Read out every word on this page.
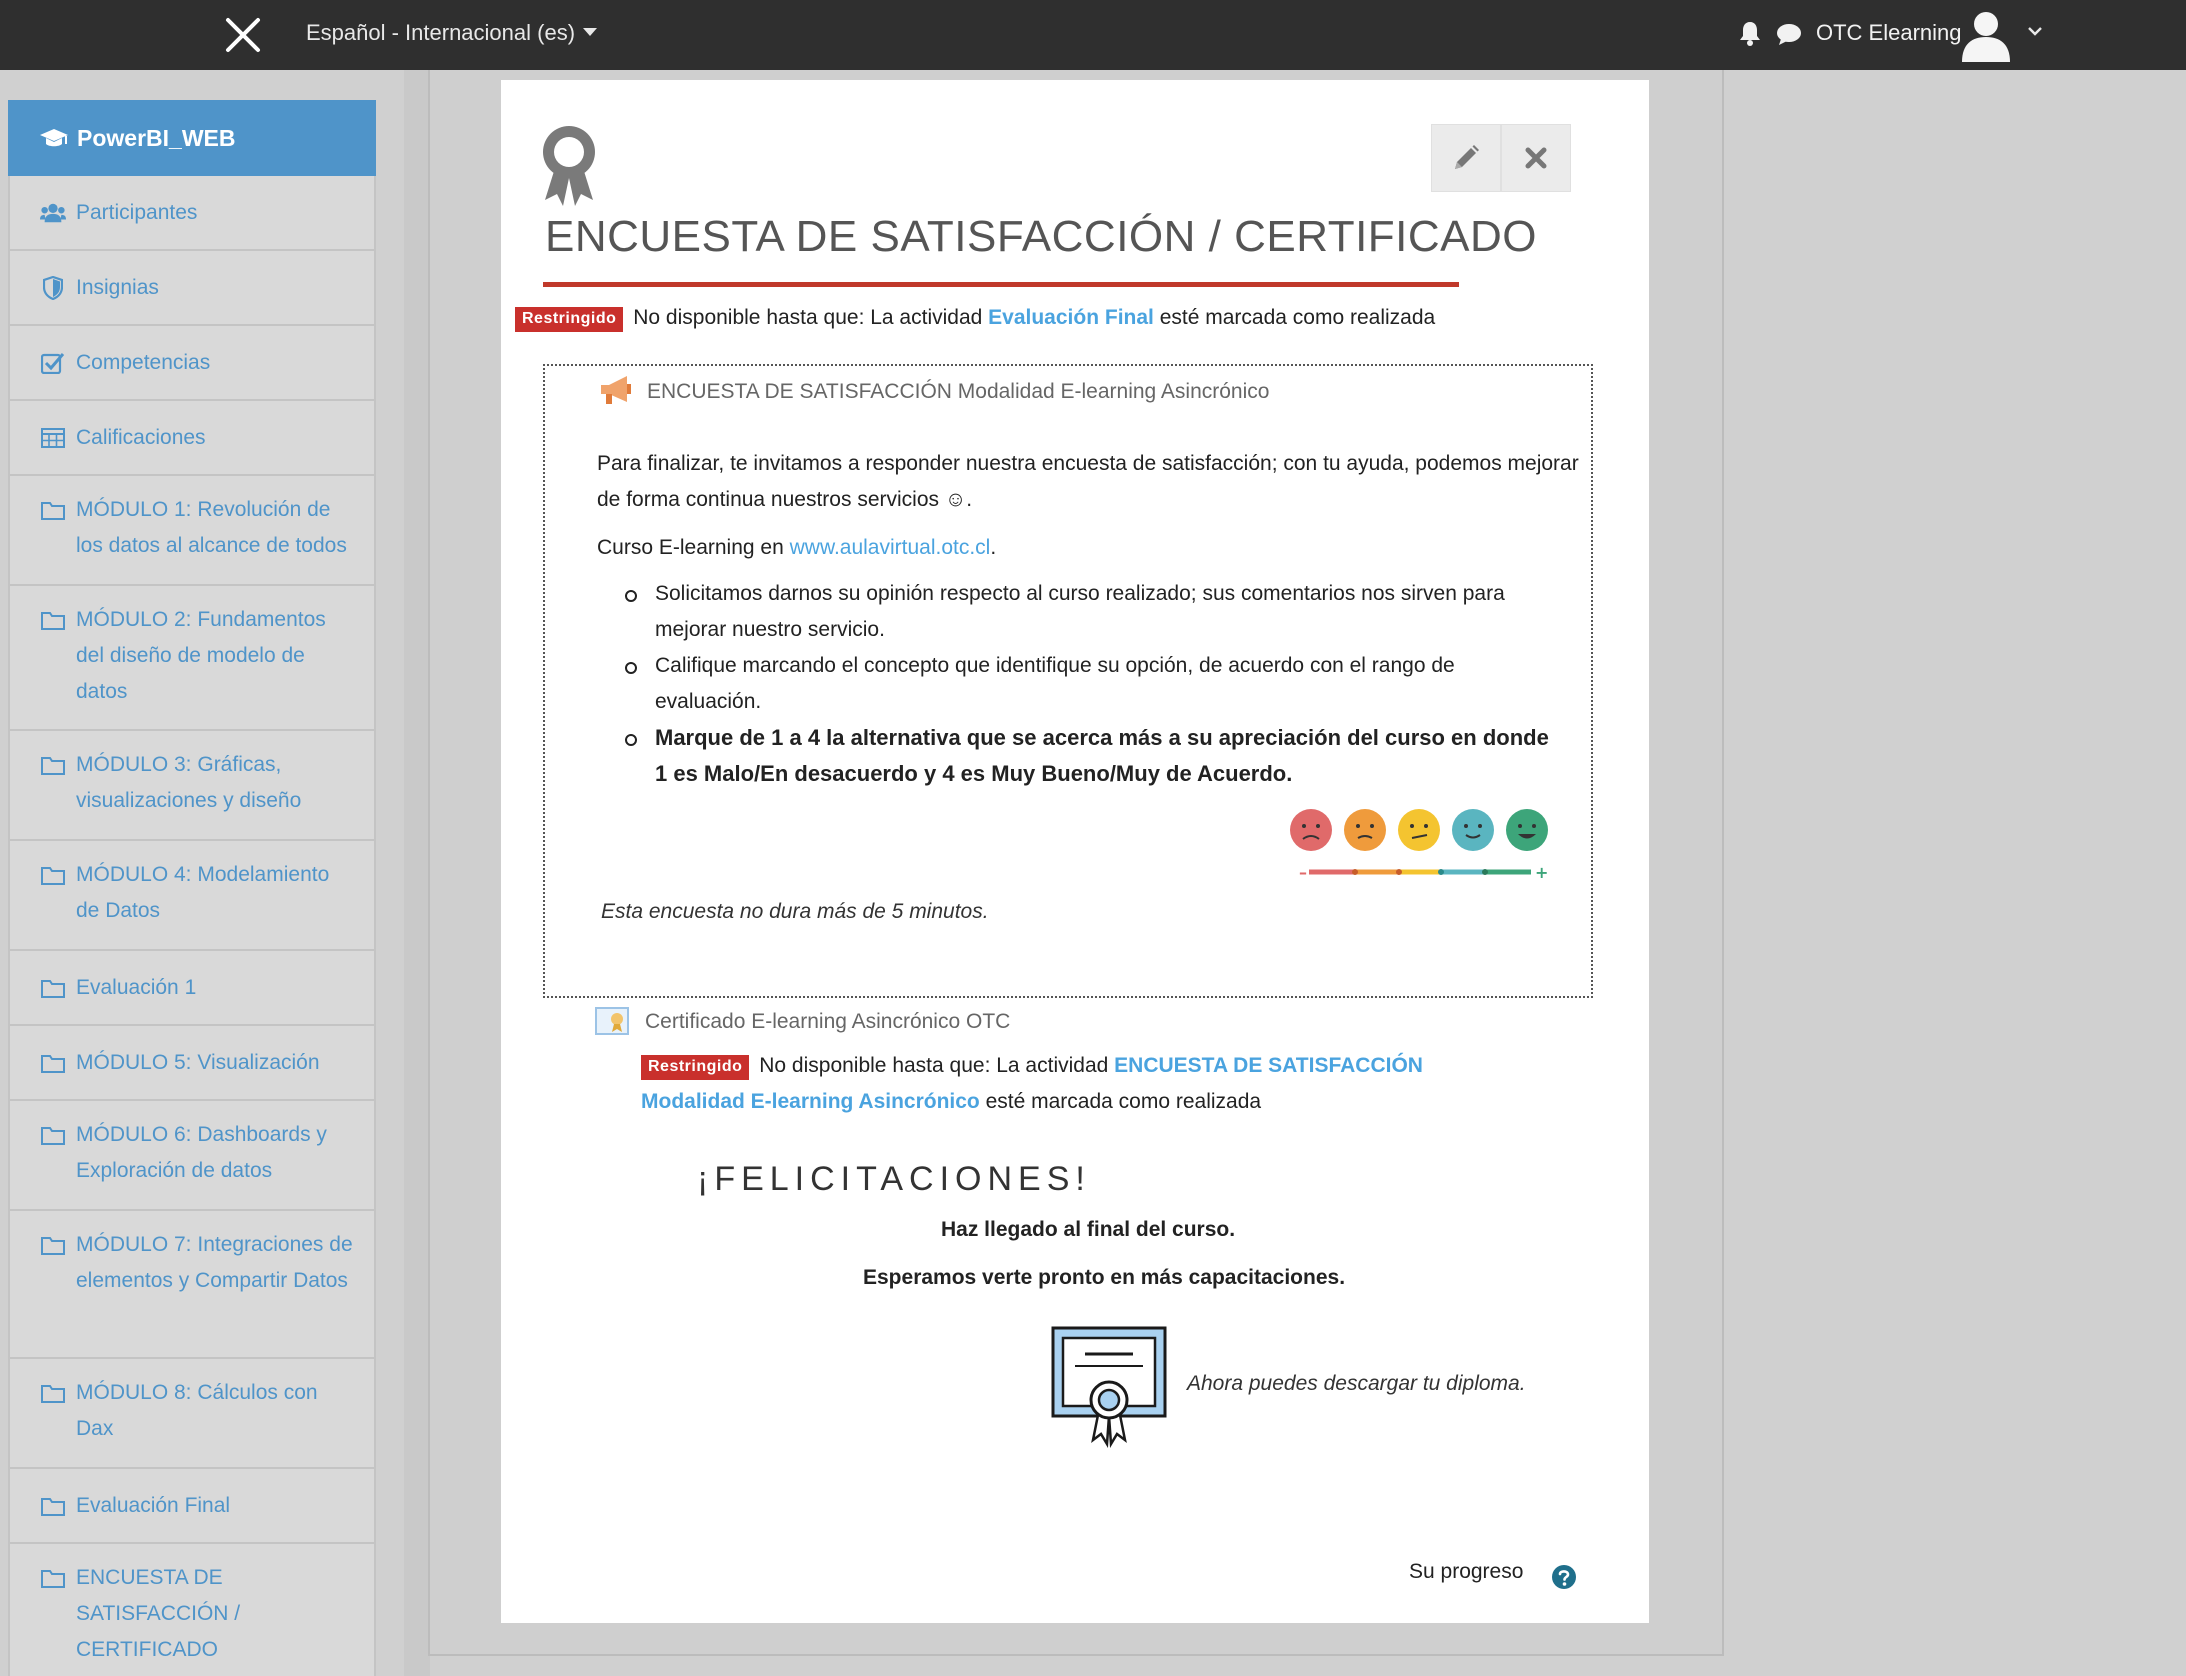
Español - Internacional (es)	OTC Elearning
PowerBI_WEB
Participantes
Insignias
Competencias
Calificaciones
MÓDULO 1: Revolución de los datos al alcance de todos
MÓDULO 2: Fundamentos del diseño de modelo de datos
MÓDULO 3: Gráficas, visualizaciones y diseño
MÓDULO 4: Modelamiento de Datos
Evaluación 1
MÓDULO 5: Visualización
MÓDULO 6: Dashboards y Exploración de datos
MÓDULO 7: Integraciones de elementos y Compartir Datos
MÓDULO 8: Cálculos con Dax
Evaluación Final
ENCUESTA DE SATISFACCIÓN / CERTIFICADO
ENCUESTA DE SATISFACCIÓN / CERTIFICADO
Restringido No disponible hasta que: La actividad Evaluación Final esté marcada como realizada
ENCUESTA DE SATISFACCIÓN Modalidad E-learning Asincrónico
Para finalizar, te invitamos a responder nuestra encuesta de satisfacción; con tu ayuda, podemos mejorar
de forma continua nuestros servicios ☺.
Curso E-learning en www.aulavirtual.otc.cl.
Solicitamos darnos su opinión respecto al curso realizado; sus comentarios nos sirven para mejorar nuestro servicio.
Califique marcando el concepto que identifique su opción, de acuerdo con el rango de evaluación.
Marque de 1 a 4 la alternativa que se acerca más a su apreciación del curso en donde 1 es Malo/En desacuerdo y 4 es Muy Bueno/Muy de Acuerdo.
–	+
Esta encuesta no dura más de 5 minutos.
Certificado E-learning Asincrónico OTC
Restringido No disponible hasta que: La actividad ENCUESTA DE SATISFACCIÓN
Modalidad E-learning Asincrónico esté marcada como realizada
¡FELICITACIONES!
Haz llegado al final del curso.
Esperamos verte pronto en más capacitaciones.
Ahora puedes descargar tu diploma.
Su progreso
